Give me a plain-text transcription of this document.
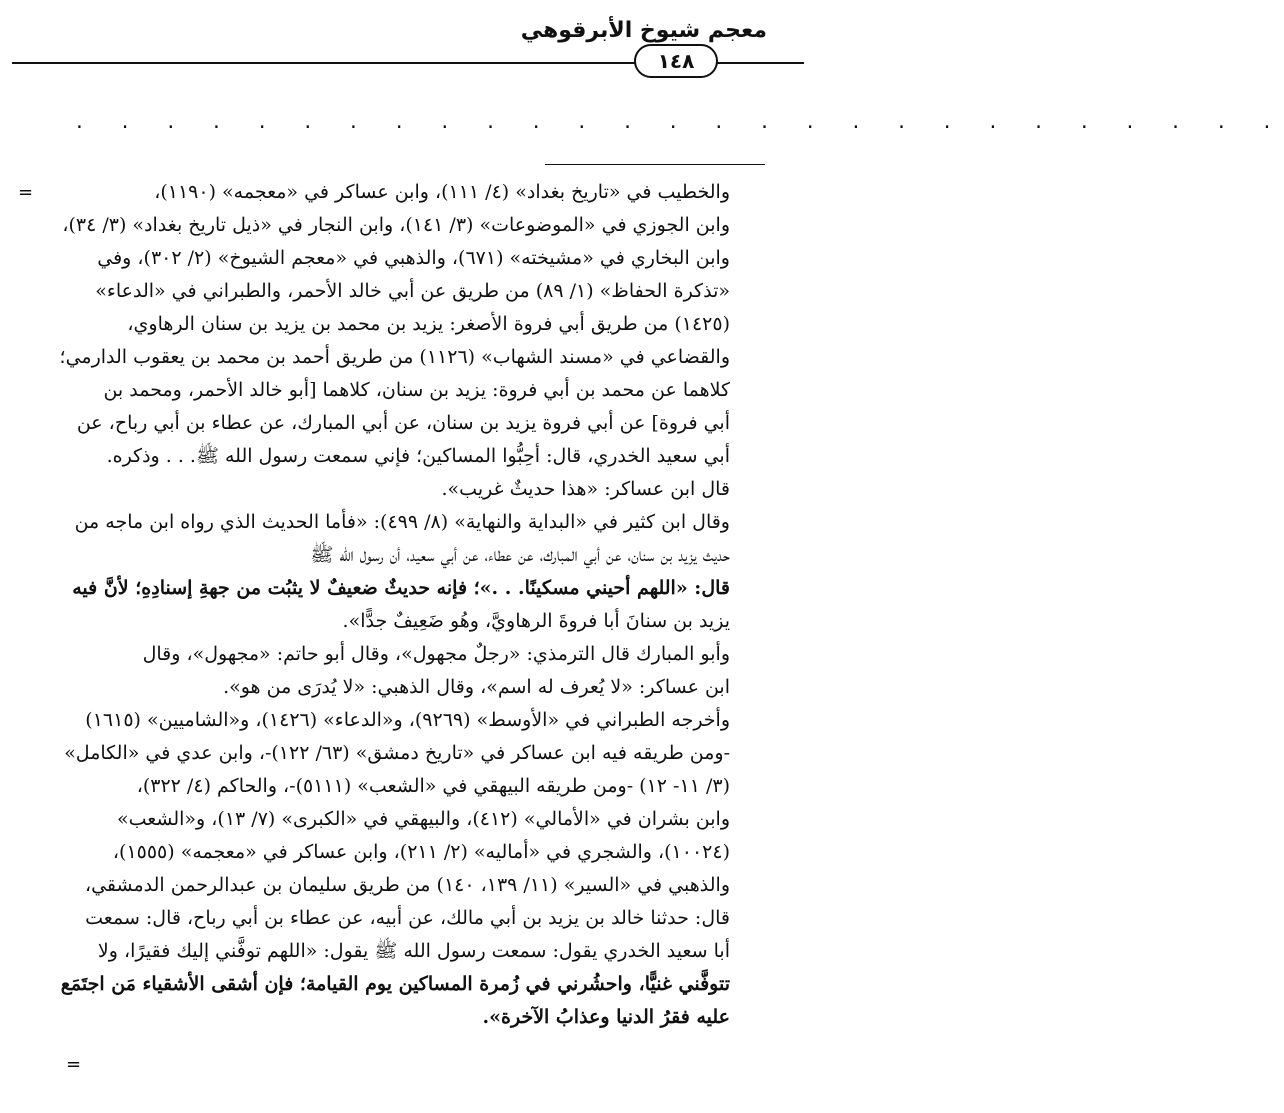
معجم شيوخ الأبرقوهي
١٤٨
. . . . . . . . . . . . . . . . . . . . . . . . . . .
=
=
والخطيب في «تاريخ بغداد» (٤/ ١١١)، وابن عساكر في «معجمه» (١١٩٠)،
وابن الجوزي في «الموضوعات» (٣/ ١٤١)، وابن النجار في «ذيل تاريخ بغداد» (٣/ ٣٤)،
وابن البخاري في «مشيخته» (٦٧١)، والذهبي في «معجم الشيوخ» (٢/ ٣٠٢)، وفي
«تذكرة الحفاظ» (١/ ٨٩) من طريق عن أبي خالد الأحمر، والطبراني في «الدعاء»
(١٤٢٥) من طريق أبي فروة الأصغر: يزيد بن محمد بن يزيد بن سنان الرهاوي،
والقضاعي في «مسند الشهاب» (١١٢٦) من طريق أحمد بن محمد بن يعقوب الدارمي؛
كلاهما عن محمد بن أبي فروة: يزيد بن سنان، كلاهما [أبو خالد الأحمر، ومحمد بن
أبي فروة] عن أبي فروة يزيد بن سنان، عن أبي المبارك، عن عطاء بن أبي رباح، عن
أبي سعيد الخدري، قال: أحِبُّوا المساكين؛ فإني سمعت رسول الله ﷺ. . . وذكره.
قال ابن عساكر: «هذا حديثٌ غريب».
وقال ابن كثير في «البداية والنهاية» (٨/ ٤٩٩): «فأما الحديث الذي رواه ابن ماجه من
حديث يزيد بن سنان، عن أبي المبارك، عن عطاء، عن أبي سعيد، أن رسول الله ﷺ
قال: «اللهم أحيني مسكينًا. . .»؛ فإنه حديثٌ ضعيفٌ لا يثبُت من جهةِ إسنادِهِ؛ لأنَّ فيه
يزيد بن سنانَ أبا فروةَ الرهاويَّ، وهُو ضَعِيفٌ جدًّا».
وأبو المبارك قال الترمذي: «رجلٌ مجهول»، وقال أبو حاتم: «مجهول»، وقال
ابن عساكر: «لا يُعرف له اسم»، وقال الذهبي: «لا يُدرَى من هو».
وأخرجه الطبراني في «الأوسط» (٩٢٦٩)، و«الدعاء» (١٤٢٦)، و«الشاميين» (١٦١٥)
-ومن طريقه فيه ابن عساكر في «تاريخ دمشق» (٦٣/ ١٢٢)-، وابن عدي في «الكامل»
(٣/ ١١- ١٢) -ومن طريقه البيهقي في «الشعب» (٥١١١)-، والحاكم (٤/ ٣٢٢)،
وابن بشران في «الأمالي» (٤١٢)، والبيهقي في «الكبرى» (٧/ ١٣)، و«الشعب»
(١٠٠٢٤)، والشجري في «أماليه» (٢/ ٢١١)، وابن عساكر في «معجمه» (١٥٥٥)،
والذهبي في «السير» (١١/ ١٣٩، ١٤٠) من طريق سليمان بن عبدالرحمن الدمشقي،
قال: حدثنا خالد بن يزيد بن أبي مالك، عن أبيه، عن عطاء بن أبي رباح، قال: سمعت
أبا سعيد الخدري يقول: سمعت رسول الله ﷺ يقول: «اللهم توفَّني إليك فقيرًا، ولا
تتوفَّني غنيًّا، واحشُرني في زُمرة المساكين يوم القيامة؛ فإن أشقى الأشقياء مَن اجتَمَع
عليه فقرُ الدنيا وعذابُ الآخرة».
